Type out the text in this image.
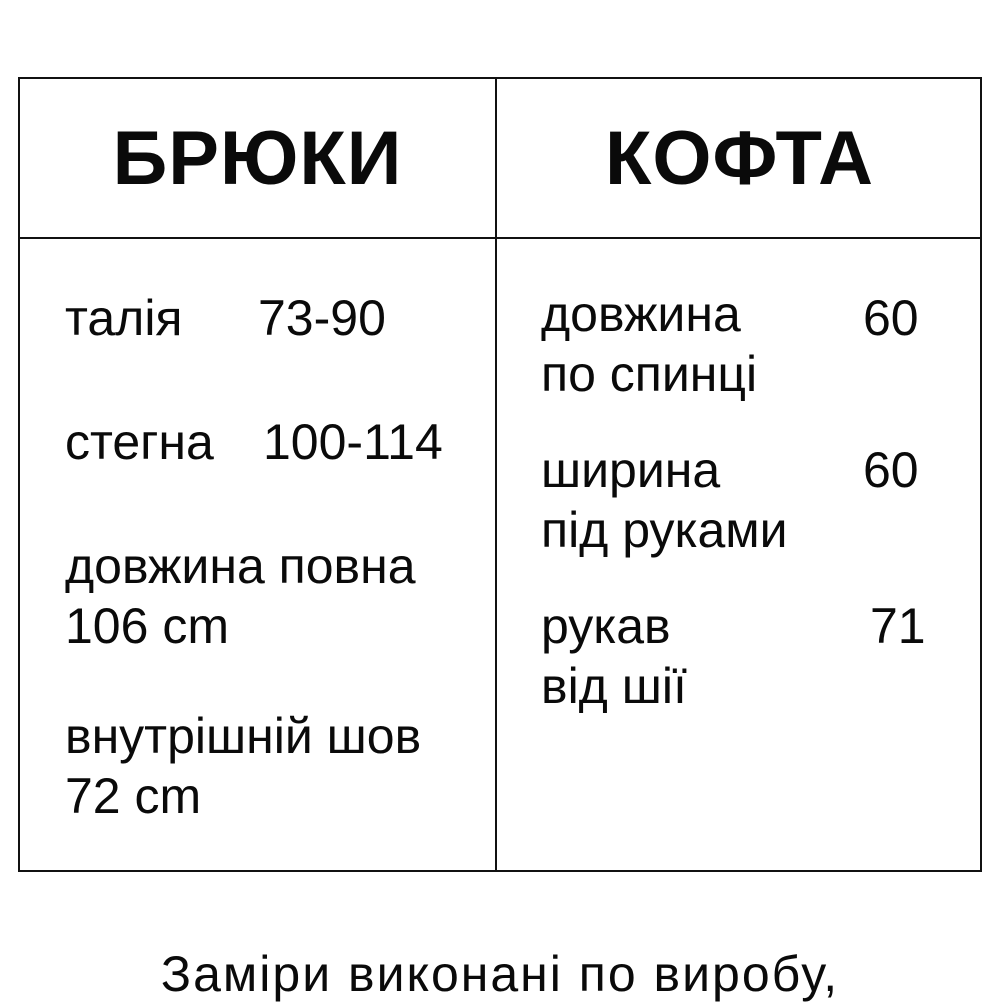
БРЮКИ	КОФТА
талія 73-90
стегна 100-114
довжина повна
106 cm
внутрішній шов
72 cm
довжина
по спинці
60
ширина
під руками
60
рукав
від шії
71
Заміри виконані по виробу,
